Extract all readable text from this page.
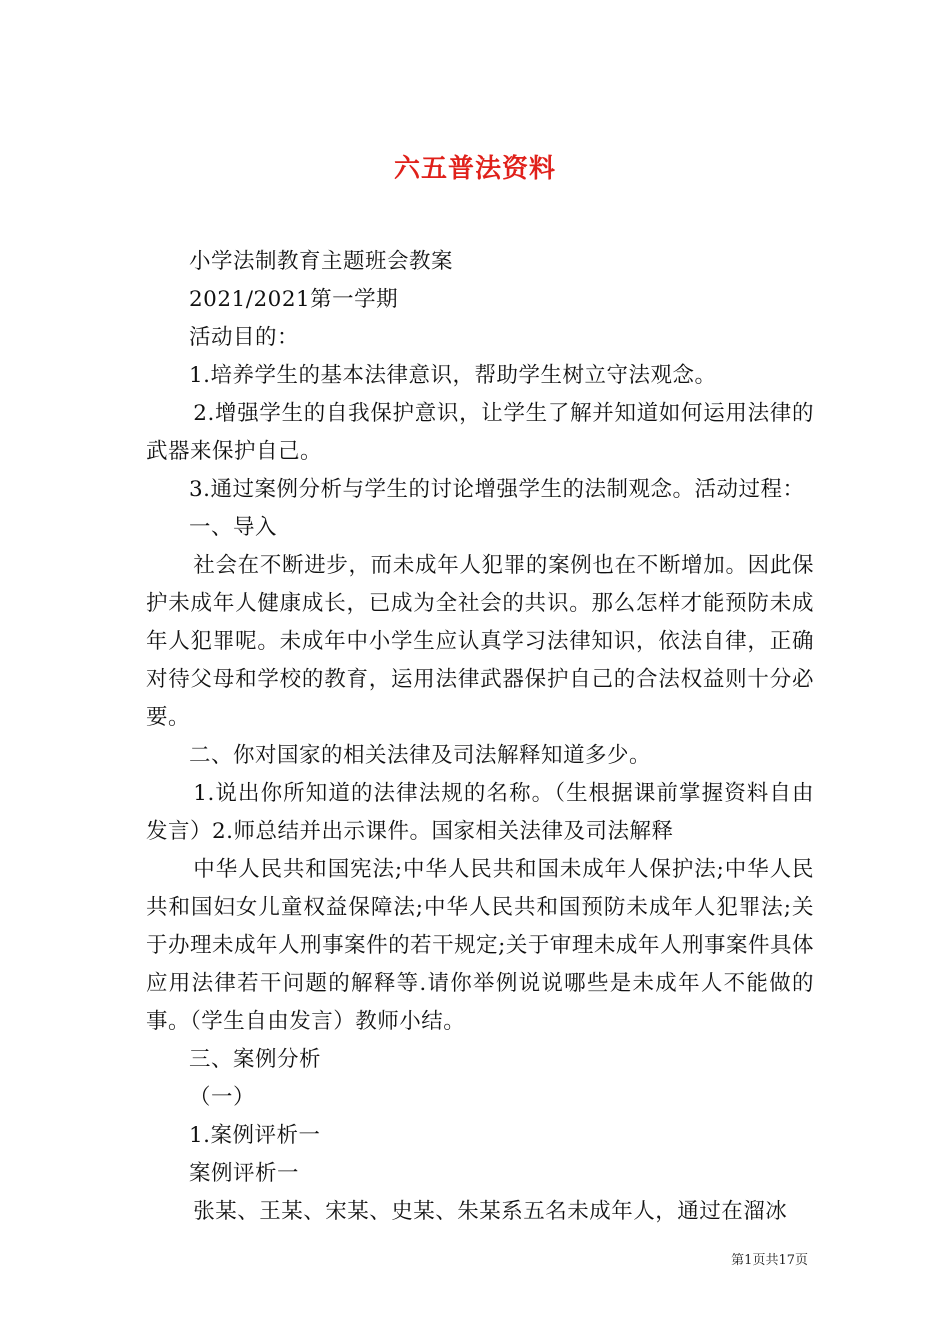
六五普法资料

小学法制教育主题班会教案

2021/2021第一学期

活动目的：

1.培养学生的基本法律意识，帮助学生树立守法观念。

2.增强学生的自我保护意识，让学生了解并知道如何运用法律的武器来保护自己。

3.通过案例分析与学生的讨论增强学生的法制观念。活动过程：

一、导入

社会在不断进步，而未成年人犯罪的案例也在不断增加。因此保护未成年人健康成长，已成为全社会的共识。那么怎样才能预防未成年人犯罪呢。未成年中小学生应认真学习法律知识，依法自律，正确对待父母和学校的教育，运用法律武器保护自己的合法权益则十分必要。

二、你对国家的相关法律及司法解释知道多少。

1.说出你所知道的法律法规的名称。（生根据课前掌握资料自由发言）2.师总结并出示课件。国家相关法律及司法解释

中华人民共和国宪法;中华人民共和国未成年人保护法;中华人民共和国妇女儿童权益保障法;中华人民共和国预防未成年人犯罪法;关于办理未成年人刑事案件的若干规定;关于审理未成年人刑事案件具体应用法律若干问题的解释等.请你举例说说哪些是未成年人不能做的事。（学生自由发言）教师小结。

三、案例分析

（一）

1.案例评析一

案例评析一

张某、王某、宋某、史某、朱某系五名未成年人，通过在溜冰

第1页共17页
